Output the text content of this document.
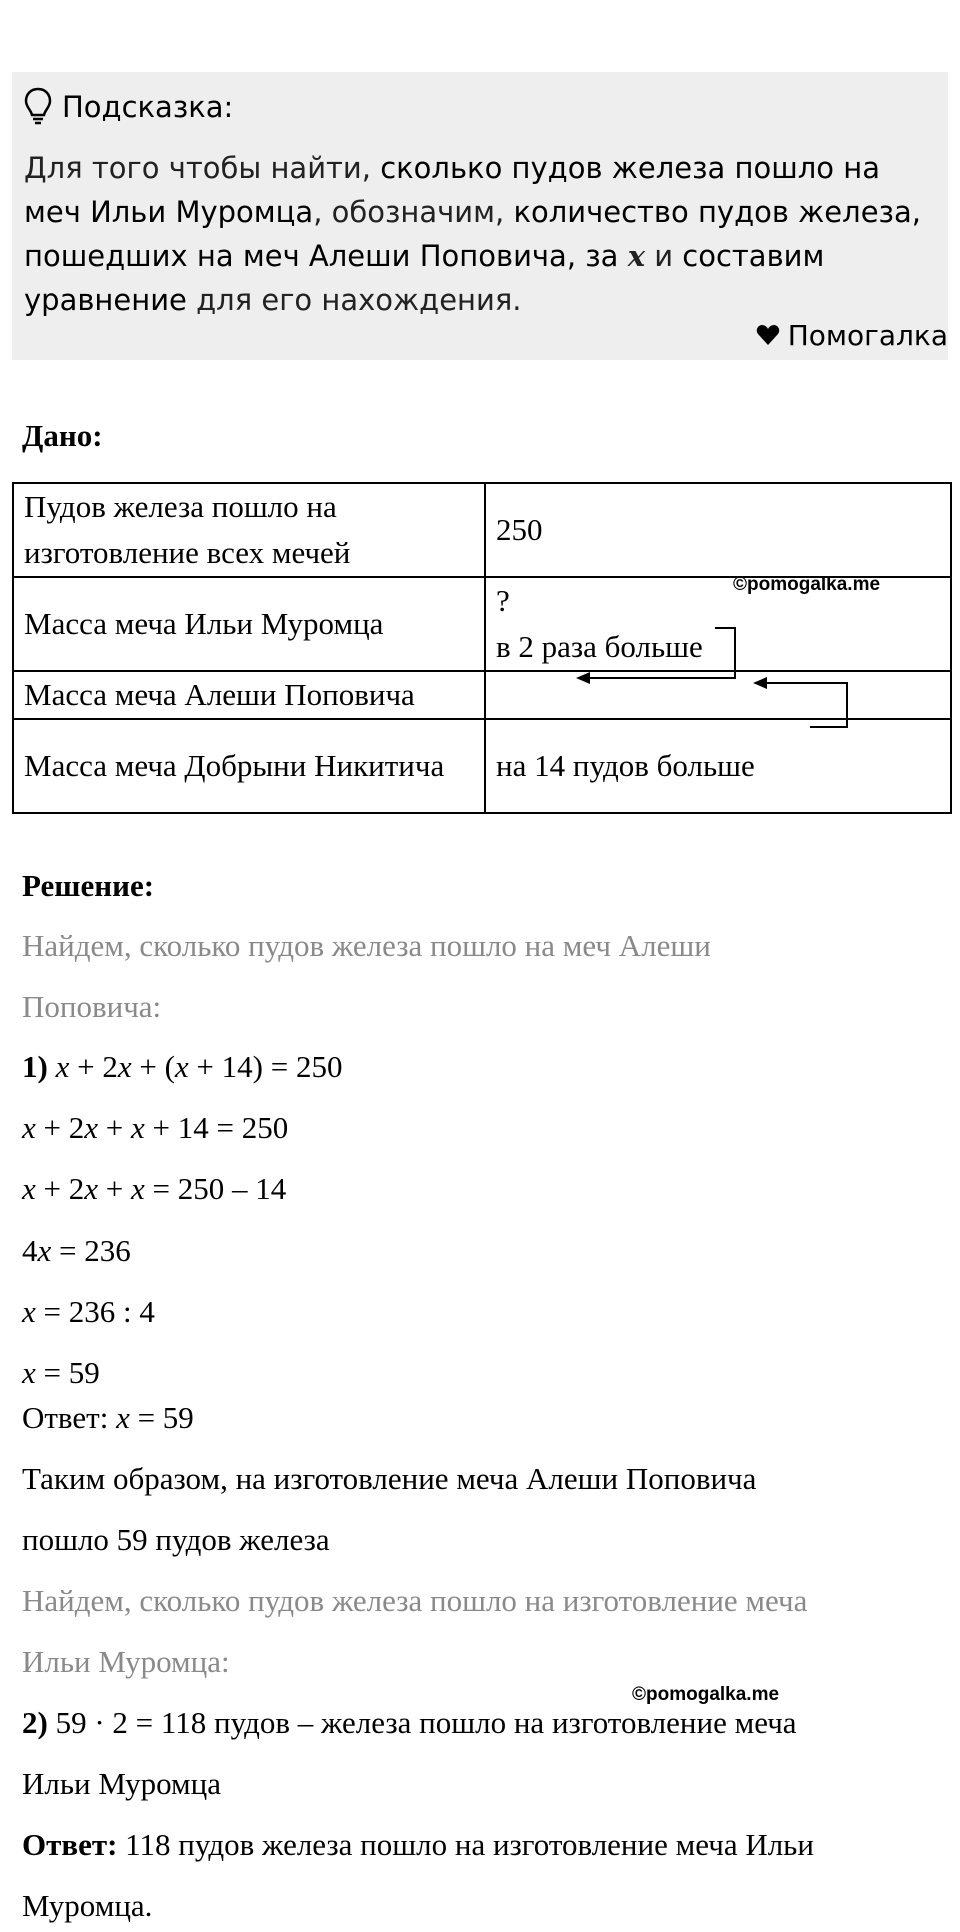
Подсказка:
Для того чтобы найти, сколько пудов железа пошло на меч Ильи Муромца, обозначим, количество пудов железа, пошедших на меч Алеши Поповича, за x и составим уравнение для его нахождения.
Помогалка
Дано:
Пудов железа пошло на изготовление всех мечей	250
Масса меча Ильи Муромца	?
в 2 раза больше

Масса меча Алеши Поповича	
Масса меча Добрыни Никитича	на 14 пудов больше
©pomogalka.me
Решение:
Найдем, сколько пудов железа пошло на меч Алеши
Поповича:
1) x + 2x + (x + 14) = 250
x + 2x + x + 14 = 250
x + 2x + x = 250 – 14
4x = 236
x = 236 : 4
x = 59
Ответ: x = 59
Таким образом, на изготовление меча Алеши Поповича
пошло 59 пудов железа
Найдем, сколько пудов железа пошло на изготовление меча
Ильи Муромца:
©pomogalka.me
2) 59 · 2 = 118 пудов – железа пошло на изготовление меча
Ильи Муромца
Ответ: 118 пудов железа пошло на изготовление меча Ильи
Муромца.
